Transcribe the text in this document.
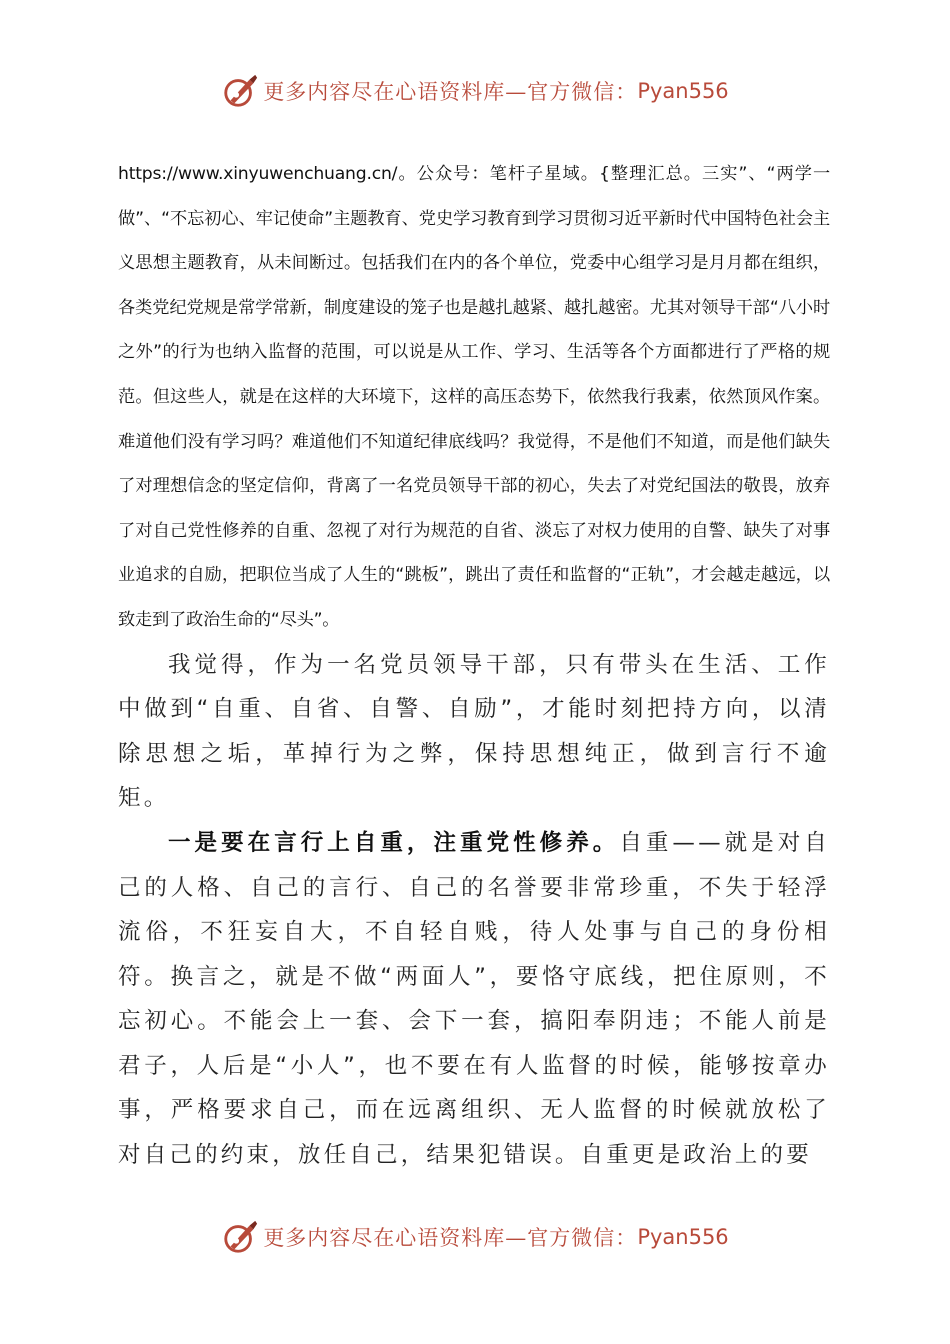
更多内容尽在心语资料库—官方微信： Pyan556

https://www.xinyuwenchuang.cn/。公众号：笔杆子星域。{整理汇总。三实”、“两学一做”、“不忘初心、牢记使命”主题教育、党史学习教育到学习贯彻习近平新时代中国特色社会主义思想主题教育，从未间断过。包括我们在内的各个单位，党委中心组学习是月月都在组织，各类党纪党规是常学常新，制度建设的笼子也是越扎越紧、越扎越密。尤其对领导干部“八小时之外”的行为也纳入监督的范围，可以说是从工作、学习、生活等各个方面都进行了严格的规范。但这些人，就是在这样的大环境下，这样的高压态势下，依然我行我素，依然顶风作案。难道他们没有学习吗？难道他们不知道纪律底线吗？我觉得，不是他们不知道，而是他们缺失了对理想信念的坚定信仰，背离了一名党员领导干部的初心，失去了对党纪国法的敬畏，放弃了对自己党性修养的自重、忽视了对行为规范的自省、淡忘了对权力使用的自警、缺失了对事业追求的自励，把职位当成了人生的“跳板”，跳出了责任和监督的“正轨”，才会越走越远，以致走到了政治生命的“尽头”。

我觉得，作为一名党员领导干部，只有带头在生活、工作中做到“自重、自省、自警、自励”，才能时刻把持方向，以清除思想之垢，革掉行为之弊，保持思想纯正，做到言行不逾矩。

一是要在言行上自重，注重党性修养。自重——就是对自己的人格、自己的言行、自己的名誉要非常珍重，不失于轻浮流俗，不狂妄自大，不自轻自贱，待人处事与自己的身份相符。换言之，就是不做“两面人”，要恪守底线，把住原则，不忘初心。不能会上一套、会下一套，搞阳奉阴违；不能人前是君子，人后是“小人”，也不要在有人监督的时候，能够按章办事，严格要求自己，而在远离组织、无人监督的时候就放松了对自己的约束，放任自己，结果犯错误。自重更是政治上的要

更多内容尽在心语资料库—官方微信： Pyan556
